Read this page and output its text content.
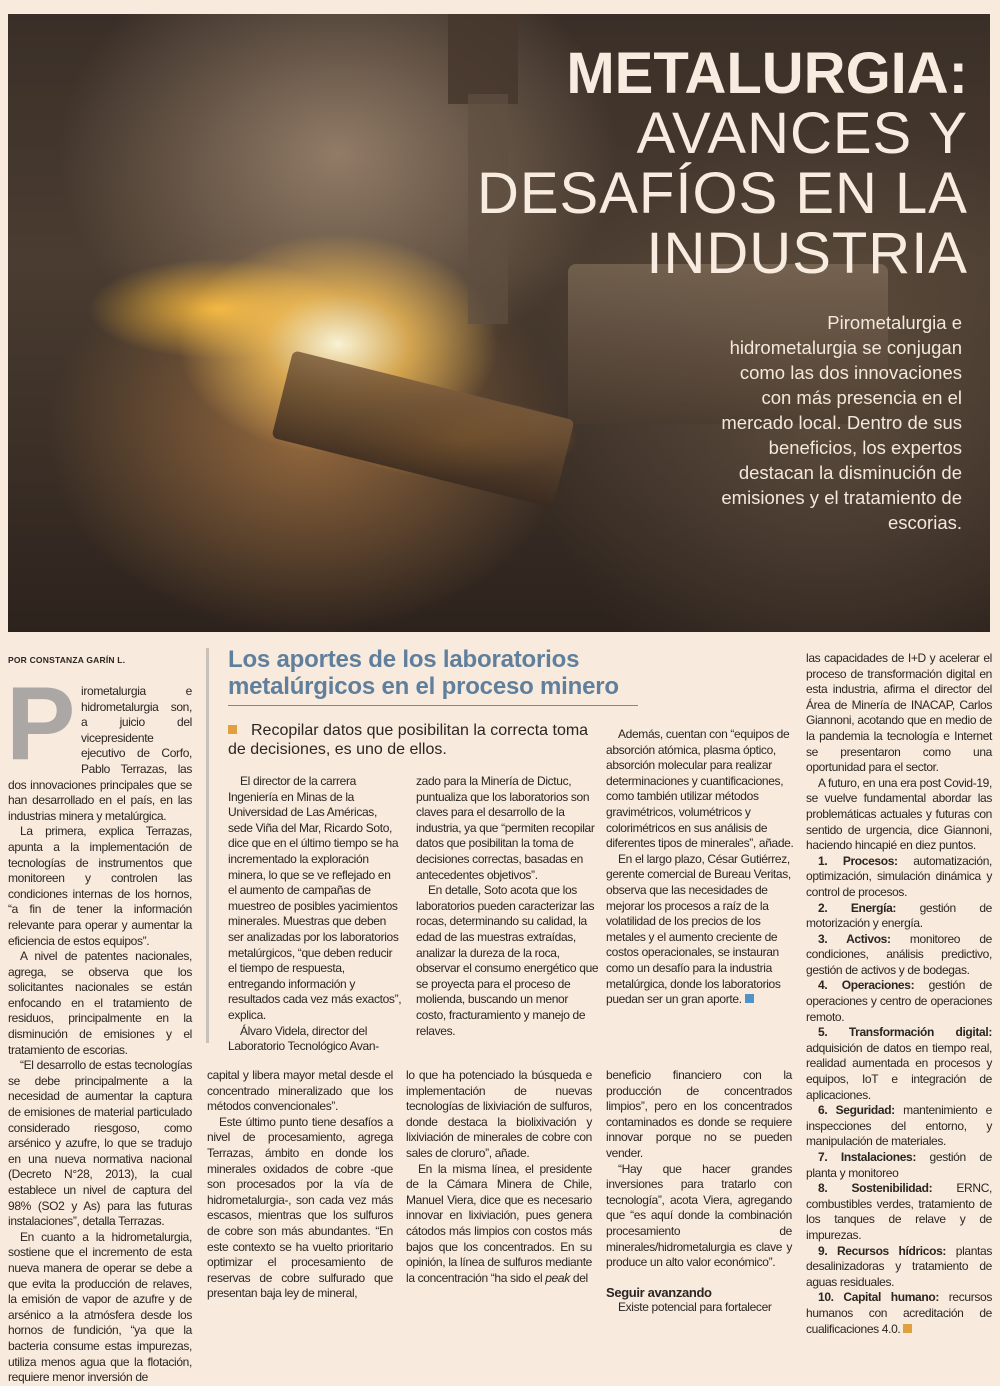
METALURGIA:
AVANCES Y
DESAFÍOS EN LA
INDUSTRIA
Pirometalurgia e hidrometalurgia se conjugan como las dos innovaciones con más presencia en el mercado local. Dentro de sus beneficios, los expertos destacan la disminución de emisiones y el tratamiento de escorias.
POR CONSTANZA GARÍN L.
P irometalurgia e hidrometalurgia son, a juicio del vicepresidente ejecutivo de Corfo, Pablo Terrazas, las dos innovaciones principales que se han desarrollado en el país, en las industrias minera y metalúrgica.

La primera, explica Terrazas, apunta a la implementación de tecnologías de instrumentos que monitoreen y controlen las condiciones internas de los hornos, “a fin de tener la información relevante para operar y aumentar la eficiencia de estos equipos”.

A nivel de patentes nacionales, agrega, se observa que los solicitantes nacionales se están enfocando en el tratamiento de residuos, principalmente en la disminución de emisiones y el tratamiento de escorias.

“El desarrollo de estas tecnologías se debe principalmente a la necesidad de aumentar la captura de emisiones de material particulado considerado riesgoso, como arsénico y azufre, lo que se tradujo en una nueva normativa nacional (Decreto N°28, 2013), la cual establece un nivel de captura del 98% (SO2 y As) para las futuras instalaciones”, detalla Terrazas.

En cuanto a la hidrometalurgia, sostiene que el incremento de esta nueva manera de operar se debe a que evita la producción de relaves, la emisión de vapor de azufre y de arsénico a la atmósfera desde los hornos de fundición, “ya que la bacteria consume estas impurezas, utiliza menos agua que la flotación, requiere menor inversión de

Los aportes de los laboratorios
metalúrgicos en el proceso minero
Recopilar datos que posibilitan la correcta toma de decisiones, es uno de ellos.

El director de la carrera Ingeniería en Minas de la Universidad de Las Américas, sede Viña del Mar, Ricardo Soto, dice que en el último tiempo se ha incrementado la exploración minera, lo que se ve reflejado en el aumento de campañas de muestreo de posibles yacimientos minerales. Muestras que deben ser analizadas por los laboratorios metalúrgicos, “que deben reducir el tiempo de respuesta, entregando información y resultados cada vez más exactos”, explica.

Álvaro Videla, director del Laboratorio Tecnológico Avan-

zado para la Minería de Dictuc, puntualiza que los laboratorios son claves para el desarrollo de la industria, ya que “permiten recopilar datos que posibilitan la toma de decisiones correctas, basadas en antecedentes objetivos”.

En detalle, Soto acota que los laboratorios pueden caracterizar las rocas, determinando su calidad, la edad de las muestras extraídas, analizar la dureza de la roca, observar el consumo energético que se proyecta para el proceso de molienda, buscando un menor costo, fracturamiento y manejo de relaves.

Además, cuentan con “equipos de absorción atómica, plasma óptico, absorción molecular para realizar determinaciones y cuantificaciones, como también utilizar métodos gravimétricos, volumétricos y colorimétricos en sus análisis de diferentes tipos de minerales”, añade.

En el largo plazo, César Gutiérrez, gerente comercial de Bureau Veritas, observa que las necesidades de mejorar los procesos a raíz de la volatilidad de los precios de los metales y el aumento creciente de costos operacionales, se instauran como un desafío para la industria metalúrgica, donde los laboratorios puedan ser un gran aporte.

capital y libera mayor metal desde el concentrado mineralizado que los métodos convencionales”.

Este último punto tiene desafíos a nivel de procesamiento, agrega Terrazas, ámbito en donde los minerales oxidados de cobre -que son procesados por la vía de hidrometalurgia-, son cada vez más escasos, mientras que los sulfuros de cobre son más abundantes. “En este contexto se ha vuelto prioritario optimizar el procesamiento de reservas de cobre sulfurado que presentan baja ley de mineral,

lo que ha potenciado la búsqueda e implementación de nuevas tecnologías de lixiviación de sulfuros, donde destaca la biolixivación y lixiviación de minerales de cobre con sales de cloruro”, añade.

En la misma línea, el presidente de la Cámara Minera de Chile, Manuel Viera, dice que es necesario innovar en lixiviación, pues genera cátodos más limpios con costos más bajos que los concentrados. En su opinión, la línea de sulfuros mediante la concentración “ha sido el peak del

beneficio financiero con la producción de concentrados limpios”, pero en los concentrados contaminados es donde se requiere innovar porque no se pueden vender.

“Hay que hacer grandes inversiones para tratarlo con tecnología”, acota Viera, agregando que “es aquí donde la combinación procesamiento de minerales/hidrometalurgia es clave y produce un alto valor económico”.

Seguir avanzando

Existe potencial para fortalecer

las capacidades de I+D y acelerar el proceso de transformación digital en esta industria, afirma el director del Área de Minería de INACAP, Carlos Giannoni, acotando que en medio de la pandemia la tecnología e Internet se presentaron como una oportunidad para el sector.

A futuro, en una era post Covid-19, se vuelve fundamental abordar las problemáticas actuales y futuras con sentido de urgencia, dice Giannoni, haciendo hincapié en diez puntos.

1. Procesos: automatización, optimización, simulación dinámica y control de procesos.

2. Energía: gestión de motorización y energía.

3. Activos: monitoreo de condiciones, análisis predictivo, gestión de activos y de bodegas.

4. Operaciones: gestión de operaciones y centro de operaciones remoto.

5. Transformación digital: adquisición de datos en tiempo real, realidad aumentada en procesos y equipos, IoT e integración de aplicaciones.

6. Seguridad: mantenimiento e inspecciones del entorno, y manipulación de materiales.

7. Instalaciones: gestión de planta y monitoreo

8. Sostenibilidad: ERNC, combustibles verdes, tratamiento de los tanques de relave y de impurezas.

9. Recursos hídricos: plantas desalinizadoras y tratamiento de aguas residuales.

10. Capital humano: recursos humanos con acreditación de cualificaciones 4.0.
